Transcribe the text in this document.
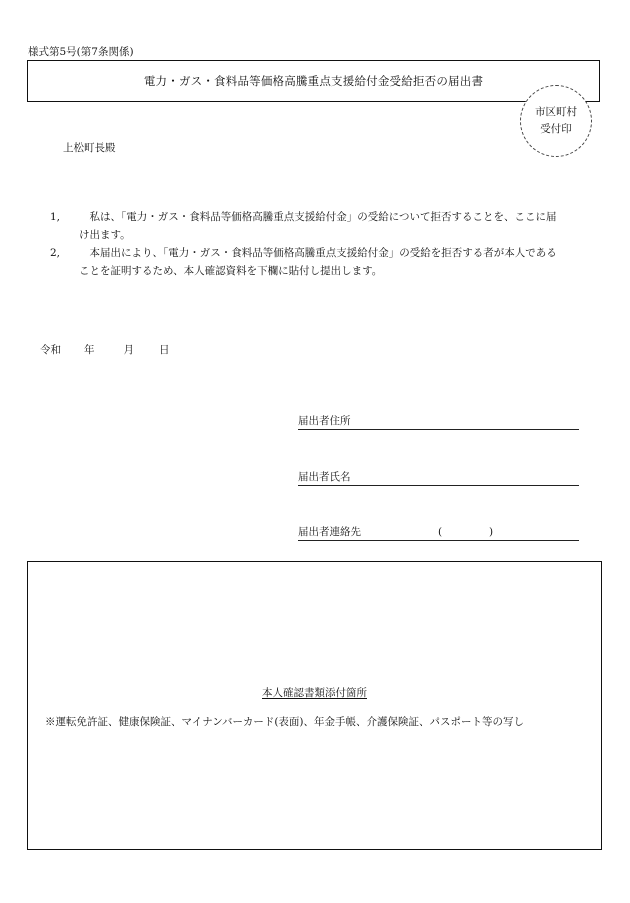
様式第5号(第7条関係)
電力・ガス・食料品等価格高騰重点支援給付金受給拒否の届出書
市区町村
受付印
上松町長殿
1,	私は、「電力・ガス・食料品等価格高騰重点支援給付金」の受給について拒否することを、ここに届
け出ます。
2,	本届出により、「電力・ガス・食料品等価格高騰重点支援給付金」の受給を拒否する者が本人である
ことを証明するため、本人確認資料を下欄に貼付し提出します。
令和 年	月 日
届出者住所
届出者氏名
届出者連絡先	(	)
本人確認書類添付箇所
※運転免許証、健康保険証、マイナンバーカード(表面)、年金手帳、介護保険証、パスポート等の写し
